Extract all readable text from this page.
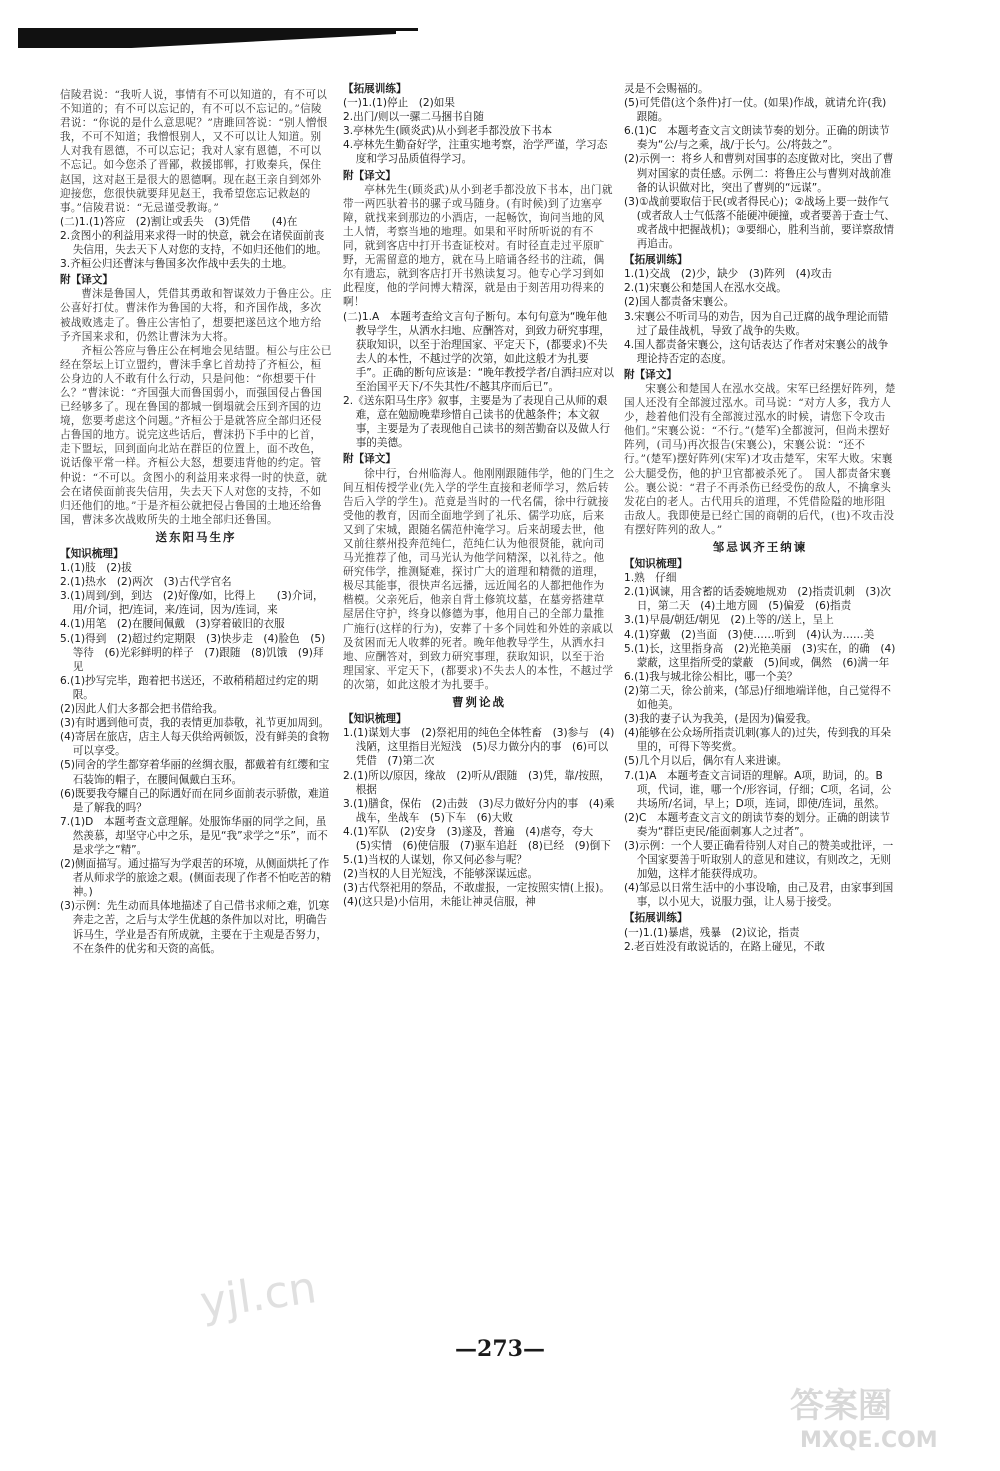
信陵君说：“我听人说，事情有不可以知道的，有不可以不知道的；有不可以忘记的，有不可以不忘记的。”信陵君说：“你说的是什么意思呢？”唐雎回答说：“别人憎恨我，不可不知道；我憎恨别人，又不可以让人知道。别人对我有恩德，不可以忘记；我对人家有恩德，不可以不忘记。如今您杀了晋鄙，救援邯郸，打败秦兵，保住赵国，这对赵王是很大的恩德啊。现在赵王亲自到郊外迎接您，您很快就要拜见赵王，我希望您忘记救赵的事。”信陵君说：“无忌谨受教诲。”

(二)1.(1)答应　(2)割让或丢失　(3)凭借　　(4)在

2.贪图小的利益用来求得一时的快意，就会在诸侯面前丧失信用，失去天下人对您的支持，不如归还他们的地。

3.齐桓公归还曹沫与鲁国多次作战中丢失的土地。

附【译文】

曹沫是鲁国人，凭借其勇敢和智谋效力于鲁庄公。庄公喜好打仗。曹沫作为鲁国的大将，和齐国作战，多次被战败逃走了。鲁庄公害怕了，想要把遂邑这个地方给予齐国来求和，仍然让曹沫为大将。

齐桓公答应与鲁庄公在柯地会见结盟。桓公与庄公已经在祭坛上订立盟约，曹沫手拿匕首劫持了齐桓公，桓公身边的人不敢有什么行动，只是问他：“你想要干什么？”曹沫说：“齐国强大而鲁国弱小，而强国侵占鲁国已经够多了。现在鲁国的都城一倒塌就会压到齐国的边境，您要考虑这个问题。”齐桓公于是就答应全部归还侵占鲁国的地方。说完这些话后，曹沫扔下手中的匕首，走下盟坛，回到面向北站在群臣的位置上，面不改色，说话像平常一样。齐桓公大怒，想要违背他的约定。管仲说：“不可以。贪图小的利益用来求得一时的快意，就会在诸侯面前丧失信用，失去天下人对您的支持，不如归还他们的地。”于是齐桓公就把侵占鲁国的土地还给鲁国，曹沫多次战败所失的土地全部归还鲁国。

送东阳马生序

【知识梳理】

1.(1)肢　(2)拔

2.(1)热水　(2)两次　(3)古代学官名

3.(1)周到/到，到达　(2)好像/如，比得上　　(3)介词，用/介词，把/连词，来/连词，因为/连词，来

4.(1)用笔　(2)在腰间佩戴　(3)穿着破旧的衣服

5.(1)得到　(2)超过约定期限　(3)快步走　(4)脸色　(5)等待　(6)光彩鲜明的样子　(7)跟随　(8)饥饿　(9)拜见

6.(1)抄写完毕，跑着把书送还，不敢稍稍超过约定的期限。

(2)因此人们大多都会把书借给我。

(3)有时遇到他可责，我的表情更加恭敬，礼节更加周到。

(4)寄居在旅店，店主人每天供给两顿饭，没有鲜美的食物可以享受。

(5)同舍的学生都穿着华丽的丝绸衣服，都戴着有红缨和宝石装饰的帽子，在腰间佩戴白玉环。

(6)既要我夸耀自己的际遇好而在同乡面前表示骄傲，难道是了解我的吗？

7.(1)D　本题考查文意理解。处服饰华丽的同学之间，虽然羡慕，却坚守心中之乐，是见“我”求学之“乐”，而不是求学之“精”。

(2)侧面描写。通过描写为学艰苦的环境，从侧面烘托了作者从师求学的旅途之艰。(侧面表现了作者不怕吃苦的精神。)

(3)示例：先生动而具体地描述了自己借书求师之难，饥寒奔走之苦，之后与太学生优越的条件加以对比，明确告诉马生，学业是否有所成就，主要在于主观是否努力，不在条件的优劣和天资的高低。

【拓展训练】

(一)1.(1)停止　(2)如果

2.出门/则以一骡二马捆书自随

3.亭林先生(顾炎武)从小到老手都没放下书本

4.亭林先生勤奋好学，注重实地考察，治学严谨，学习态度和学习品质值得学习。

附【译文】

亭林先生(顾炎武)从小到老手都没放下书本，出门就带一两匹驮着书的骡子或马随身。(有时候)到了边塞亭障，就找来到那边的小酒店，一起畅饮，询问当地的风土人情，考察当地的地理。如果和平时所听说的有不同，就到客店中打开书查证校对。有时径直走过平原旷野，无需留意的地方，就在马上暗诵各经书的注疏，偶尔有遗忘，就到客店打开书熟读复习。他专心学习到如此程度，他的学问博大精深，就是由于刻苦用功得来的啊！

(二)1.A　本题考查给文言句子断句。本句句意为“晚年他教导学生，从洒水扫地、应酬答对，到致力研究事理，获取知识，以至于治理国家、平定天下，(都要求)不失去人的本性，不越过学的次第，如此这般才为扎要手”。正确的断句应该是：“晚年教授学者/自洒扫应对以至治国平天下/不失其性/不越其序而后已”。

2.《送东阳马生序》叙事，主要是为了表现自己从师的艰难，意在勉励晚辈珍惜自己读书的优越条件；本文叙事，主要是为了表现他自己读书的刻苦勤奋以及做人行事的美德。

附【译文】

徐中行，台州临海人。他刚刚跟随伟学，他的门生之间互相传授学业(先入学的学生直接和老师学习，然后转告后入学的学生)。范竟是当时的一代名儒，徐中行就接受他的教育，因而全面地学到了礼乐、儒学功底，后来又到了宋城，跟随名儒范仲淹学习。后来胡瑷去世，他又前往蔡州投奔范纯仁，范纯仁认为他很贤能，就向司马光推荐了他，司马光认为他学问精深，以礼待之。他研究伟学，推测疑难，探讨广大的道理和精微的道理，极尽其能事，很快声名远播，远近闻名的人都把他作为楷模。父亲死后，他亲自背土修筑坟墓，在墓旁搭建草屋居住守护，终身以修德为事，他用自己的全部力量推广施行(这样的行为)，安葬了十多个同姓和外姓的亲戚以及贫困而无人收葬的死者。晚年他教导学生，从洒水扫地、应酬答对，到致力研究事理，获取知识，以至于治理国家、平定天下，(都要求)不失去人的本性，不越过学的次第，如此这般才为扎要手。

曹刿论战

【知识梳理】

1.(1)谋划大事　(2)祭祀用的纯色全体牲畜　(3)参与　(4)浅陋，这里指目光短浅　(5)尽力做分内的事　(6)可以凭借　(7)第二次

2.(1)所以/原因，缘故　(2)听从/跟随　(3)凭，靠/按照，根据

3.(1)膳食，保佑　(2)击鼓　(3)尽力做好分内的事　(4)乘战车，坐战车　(5)下车　(6)大败

4.(1)军队　(2)安身　(3)遂及，普遍　(4)虐夸，夸大　(5)实情　(6)使信服　(7)驱车追赶　(8)已经　(9)倒下

5.(1)当权的人谋划，你又何必参与呢？

(2)当权的人目光短浅，不能够深谋远虑。

(3)古代祭祀用的祭品，不敢虚报，一定按照实情(上报)。

(4)(这只是)小信用，未能让神灵信服，神

灵是不会赐福的。

(5)可凭借(这个条件)打一仗。(如果)作战，就请允许(我)跟随。

6.(1)C　本题考查文言文朗读节奏的划分。正确的朗读节奏为“公/与之乘，战/于长勺。公/将鼓之”。

(2)示例一：将乡人和曹刿对国事的态度做对比，突出了曹刿对国家的责任感。示例二：将鲁庄公与曹刿对战前准备的认识做对比，突出了曹刿的“远谋”。

(3)①战前要取信于民(或者得民心)；②战场上要一鼓作气(或者敌人士气低落不能硬冲硬撞，或者要善于查士气、或者战中把握战机)；③要细心，胜利当前，要详察敌情再追击。

【拓展训练】

1.(1)交战　(2)少，缺少　(3)阵列　(4)攻击

2.(1)宋襄公和楚国人在泓水交战。

(2)国人都责备宋襄公。

3.宋襄公不听司马的劝告，因为自己迂腐的战争理论而错过了最佳战机，导致了战争的失败。

4.国人都责备宋襄公，这句话表达了作者对宋襄公的战争理论持否定的态度。

附【译文】

宋襄公和楚国人在泓水交战。宋军已经摆好阵列，楚国人还没有全部渡过泓水。司马说：“对方人多，我方人少，趁着他们没有全部渡过泓水的时候，请您下令攻击他们。”宋襄公说：“不行。”(楚军)全都渡河，但尚未摆好阵列，(司马)再次报告(宋襄公)，宋襄公说：“还不行。”(楚军)摆好阵列(宋军)才攻击楚军，宋军大败。宋襄公大腿受伤，他的护卫官都被杀死了。　国人都责备宋襄公。襄公说：“君子不再杀伤已经受伤的敌人，不擒拿头发花白的老人。古代用兵的道理，不凭借险隘的地形阻击敌人。我即使是已经亡国的商朝的后代，(也)不攻击没有摆好阵列的敌人。”

邹忌讽齐王纳谏

【知识梳理】

1.熟　仔细

2.(1)讽谏，用含蓄的话委婉地规劝　(2)指责讥刺　(3)次日，第二天　(4)土地方圆　(5)偏爱　(6)指责

3.(1)早晨/朝廷/朝见　(2)上等的/送上，呈上

4.(1)穿戴　(2)当面　(3)使……听到　(4)认为……美

5.(1)长，这里指身高　(2)光艳美丽　(3)实在，的确　(4)蒙蔽，这里指所受的蒙蔽　(5)间或，偶然　(6)满一年

6.(1)我与城北徐公相比，哪一个美？

(2)第二天，徐公前来，(邹忌)仔细地端详他，自己觉得不如他美。

(3)我的妻子认为我美，(是因为)偏爱我。

(4)能够在公众场所指责讥刺(寡人的)过失，传到我的耳朵里的，可得下等奖赏。

(5)几个月以后，偶尔有人来进谏。

7.(1)A　本题考查文言词语的理解。A项，助词，的。B项，代词，谁，哪一个/形容词，仔细；C项，名词，公共场所/名词，早上；D项，连词，即使/连词，虽然。

(2)C　本题考查文言文的朗读节奏的划分。正确的朗读节奏为“群臣吏民/能面刺寡人之过者”。

(3)示例：一个人要正确看待别人对自己的赞美或批评，一个国家要善于听取别人的意见和建议，有则改之，无则加勉，这样才能获得成功。

(4)邹忌以日常生活中的小事设喻，由己及君，由家事到国事，以小见大，说服力强，让人易于接受。

【拓展训练】

(一)1.(1)暴虐，残暴　(2)议论，指责

2.老百姓没有敢说话的，在路上碰见，不敢

—273—
yjl.cn
答案圈
MXQE.COM
